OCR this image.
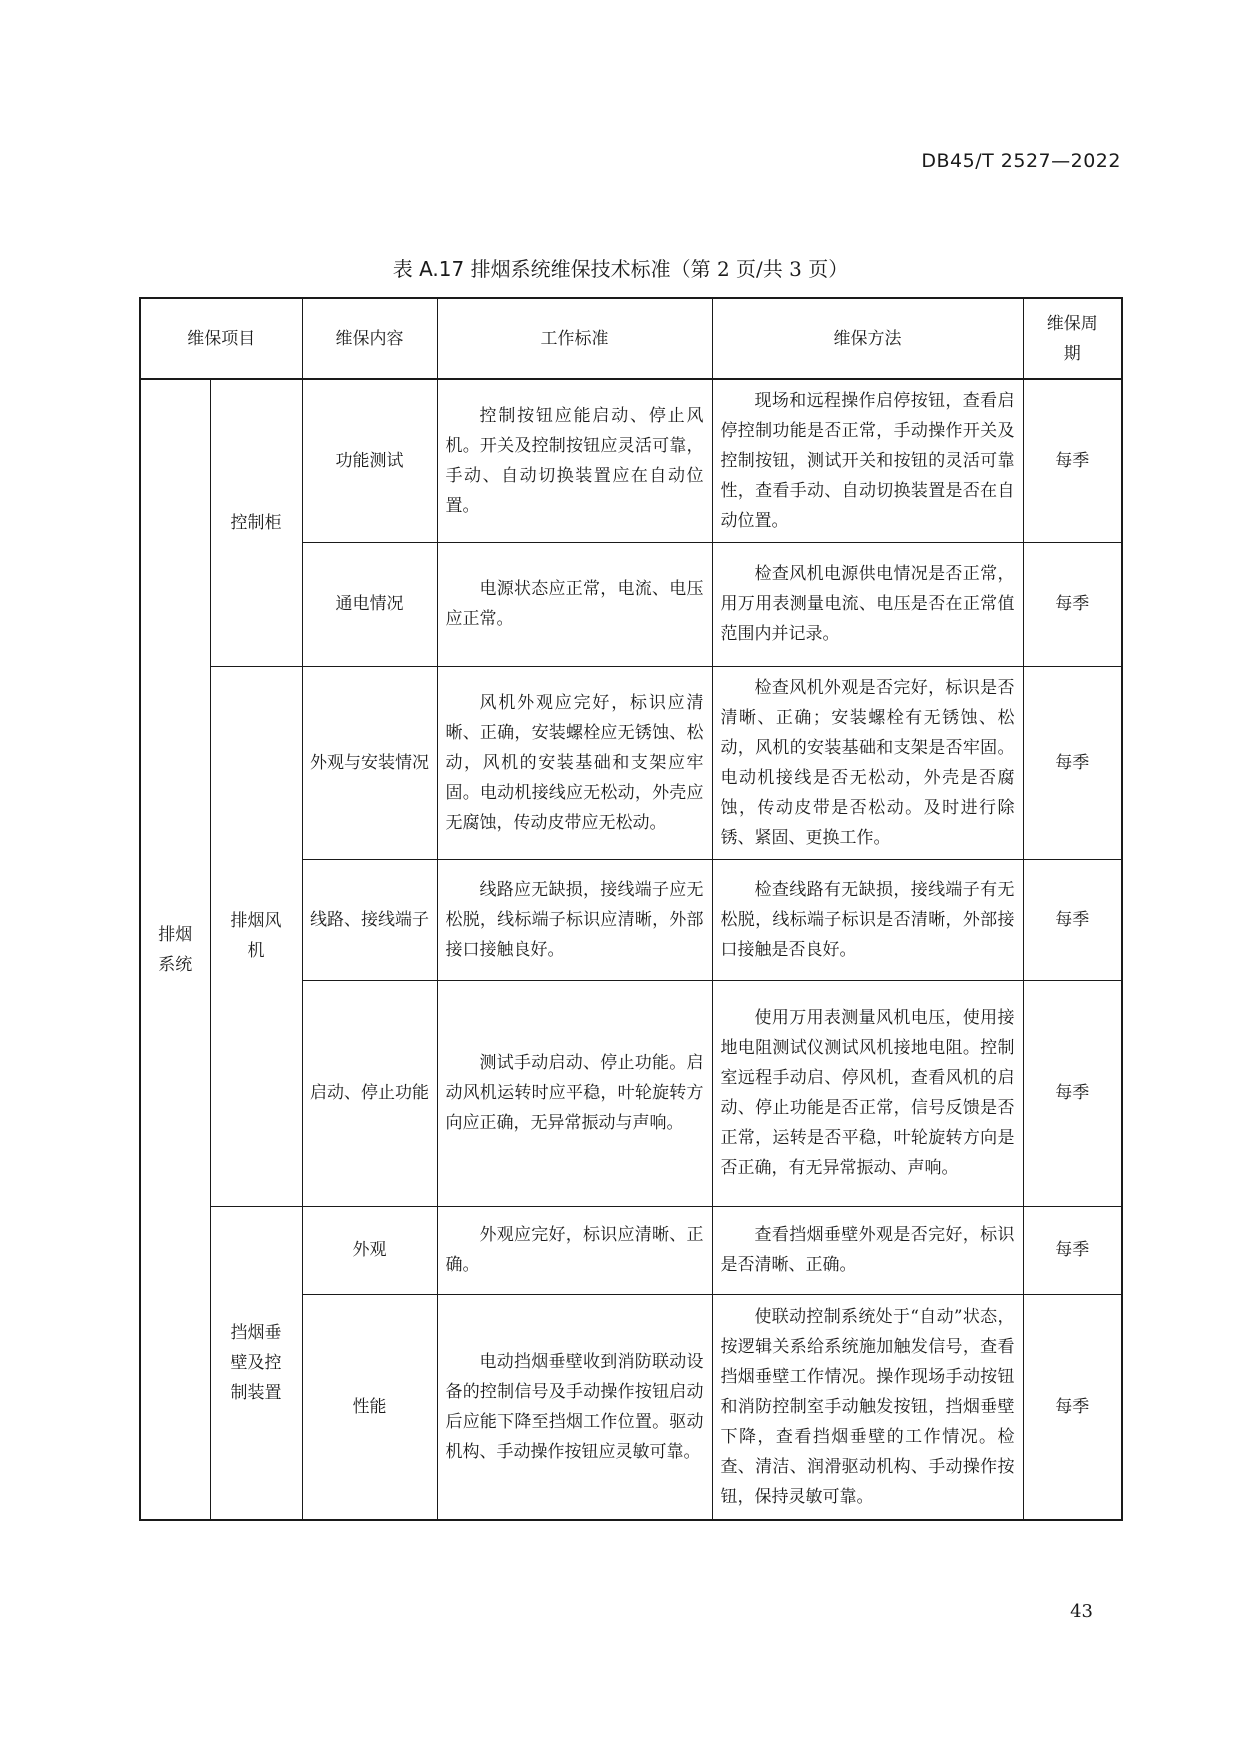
DB45/T 2527—2022
表 A.17 排烟系统维保技术标准（第 2 页/共 3 页）
维保项目		维保内容	工作标准	维保方法	维保周期
排烟系统	控制柜	功能测试	控制按钮应能启动、停止风机。开关及控制按钮应灵活可靠，手动、自动切换装置应在自动位置。	现场和远程操作启停按钮，查看启停控制功能是否正常，手动操作开关及控制按钮，测试开关和按钮的灵活可靠性，查看手动、自动切换装置是否在自动位置。	每季
		通电情况	电源状态应正常，电流、电压应正常。	检查风机电源供电情况是否正常，用万用表测量电流、电压是否在正常值范围内并记录。	每季
	排烟风机	外观与安装情况	风机外观应完好，标识应清晰、正确，安装螺栓应无锈蚀、松动，风机的安装基础和支架应牢固。电动机接线应无松动，外壳应无腐蚀，传动皮带应无松动。	检查风机外观是否完好，标识是否清晰、正确；安装螺栓有无锈蚀、松动，风机的安装基础和支架是否牢固。电动机接线是否无松动，外壳是否腐蚀，传动皮带是否松动。及时进行除锈、紧固、更换工作。	每季
		线路、接线端子	线路应无缺损，接线端子应无松脱，线标端子标识应清晰，外部接口接触良好。	检查线路有无缺损，接线端子有无松脱，线标端子标识是否清晰，外部接口接触是否良好。	每季
		启动、停止功能	测试手动启动、停止功能。启动风机运转时应平稳，叶轮旋转方向应正确，无异常振动与声响。	使用万用表测量风机电压，使用接地电阻测试仪测试风机接地电阻。控制室远程手动启、停风机，查看风机的启动、停止功能是否正常，信号反馈是否正常，运转是否平稳，叶轮旋转方向是否正确，有无异常振动、声响。	每季
	挡烟垂壁及控制装置	外观	外观应完好，标识应清晰、正确。	查看挡烟垂壁外观是否完好，标识是否清晰、正确。	每季
		性能	电动挡烟垂壁收到消防联动设备的控制信号及手动操作按钮启动后应能下降至挡烟工作位置。驱动机构、手动操作按钮应灵敏可靠。	使联动控制系统处于“自动”状态，按逻辑关系给系统施加触发信号，查看挡烟垂壁工作情况。操作现场手动按钮和消防控制室手动触发按钮，挡烟垂壁下降，查看挡烟垂壁的工作情况。检查、清洁、润滑驱动机构、手动操作按钮，保持灵敏可靠。	每季
43
